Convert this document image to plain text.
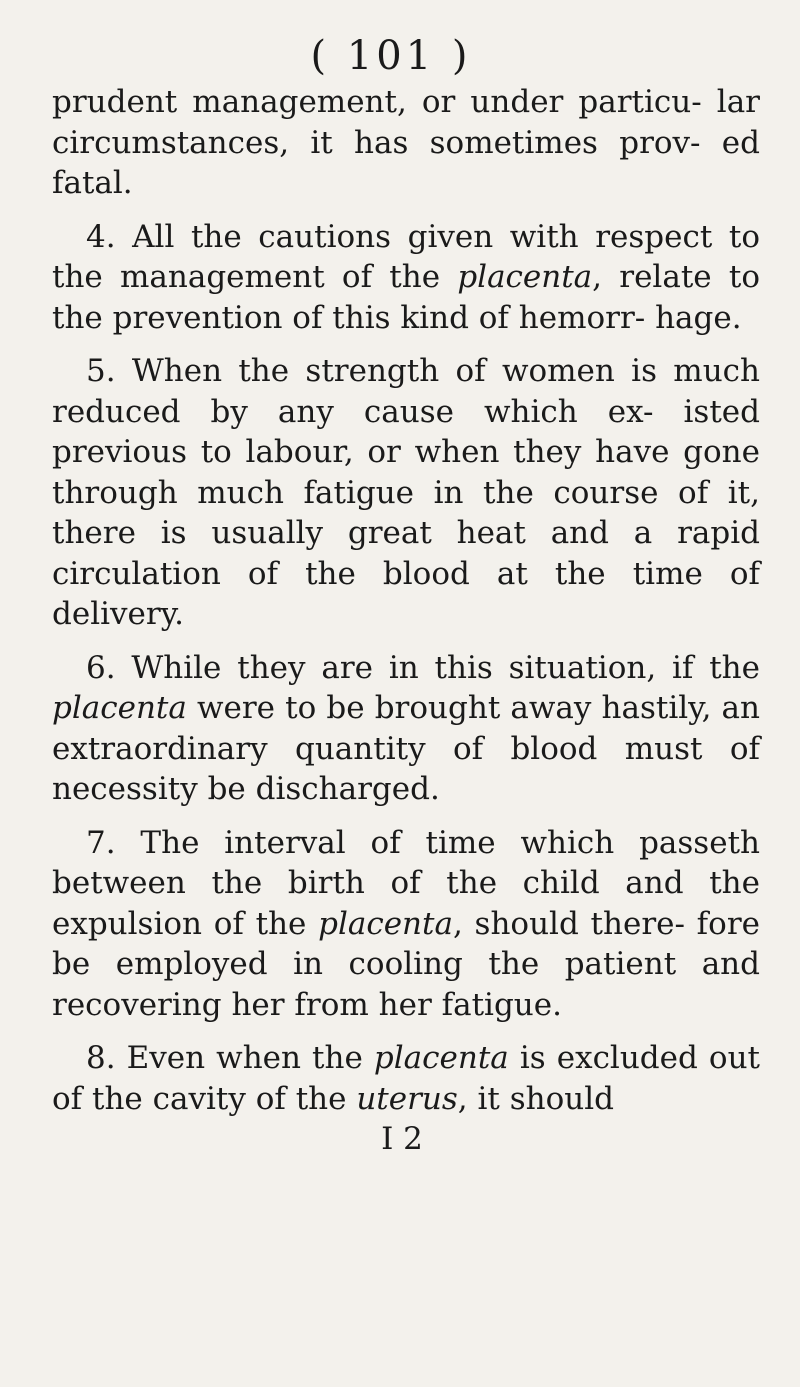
( 101 )

prudent management, or under particu- lar circumstances, it has sometimes prov- ed fatal.

4. All the cautions given with respect to the management of the placenta, relate to the prevention of this kind of hemorr- hage.

5. When the strength of women is much reduced by any cause which ex- isted previous to labour, or when they have gone through much fatigue in the course of it, there is usually great heat and a rapid circulation of the blood at the time of delivery.

6. While they are in this situation, if the placenta were to be brought away hastily, an extraordinary quantity of blood must of necessity be discharged.

7. The interval of time which passeth between the birth of the child and the expulsion of the placenta, should there- fore be employed in cooling the patient and recovering her from her fatigue.

8. Even when the placenta is excluded out of the cavity of the uterus, it should

I 2
